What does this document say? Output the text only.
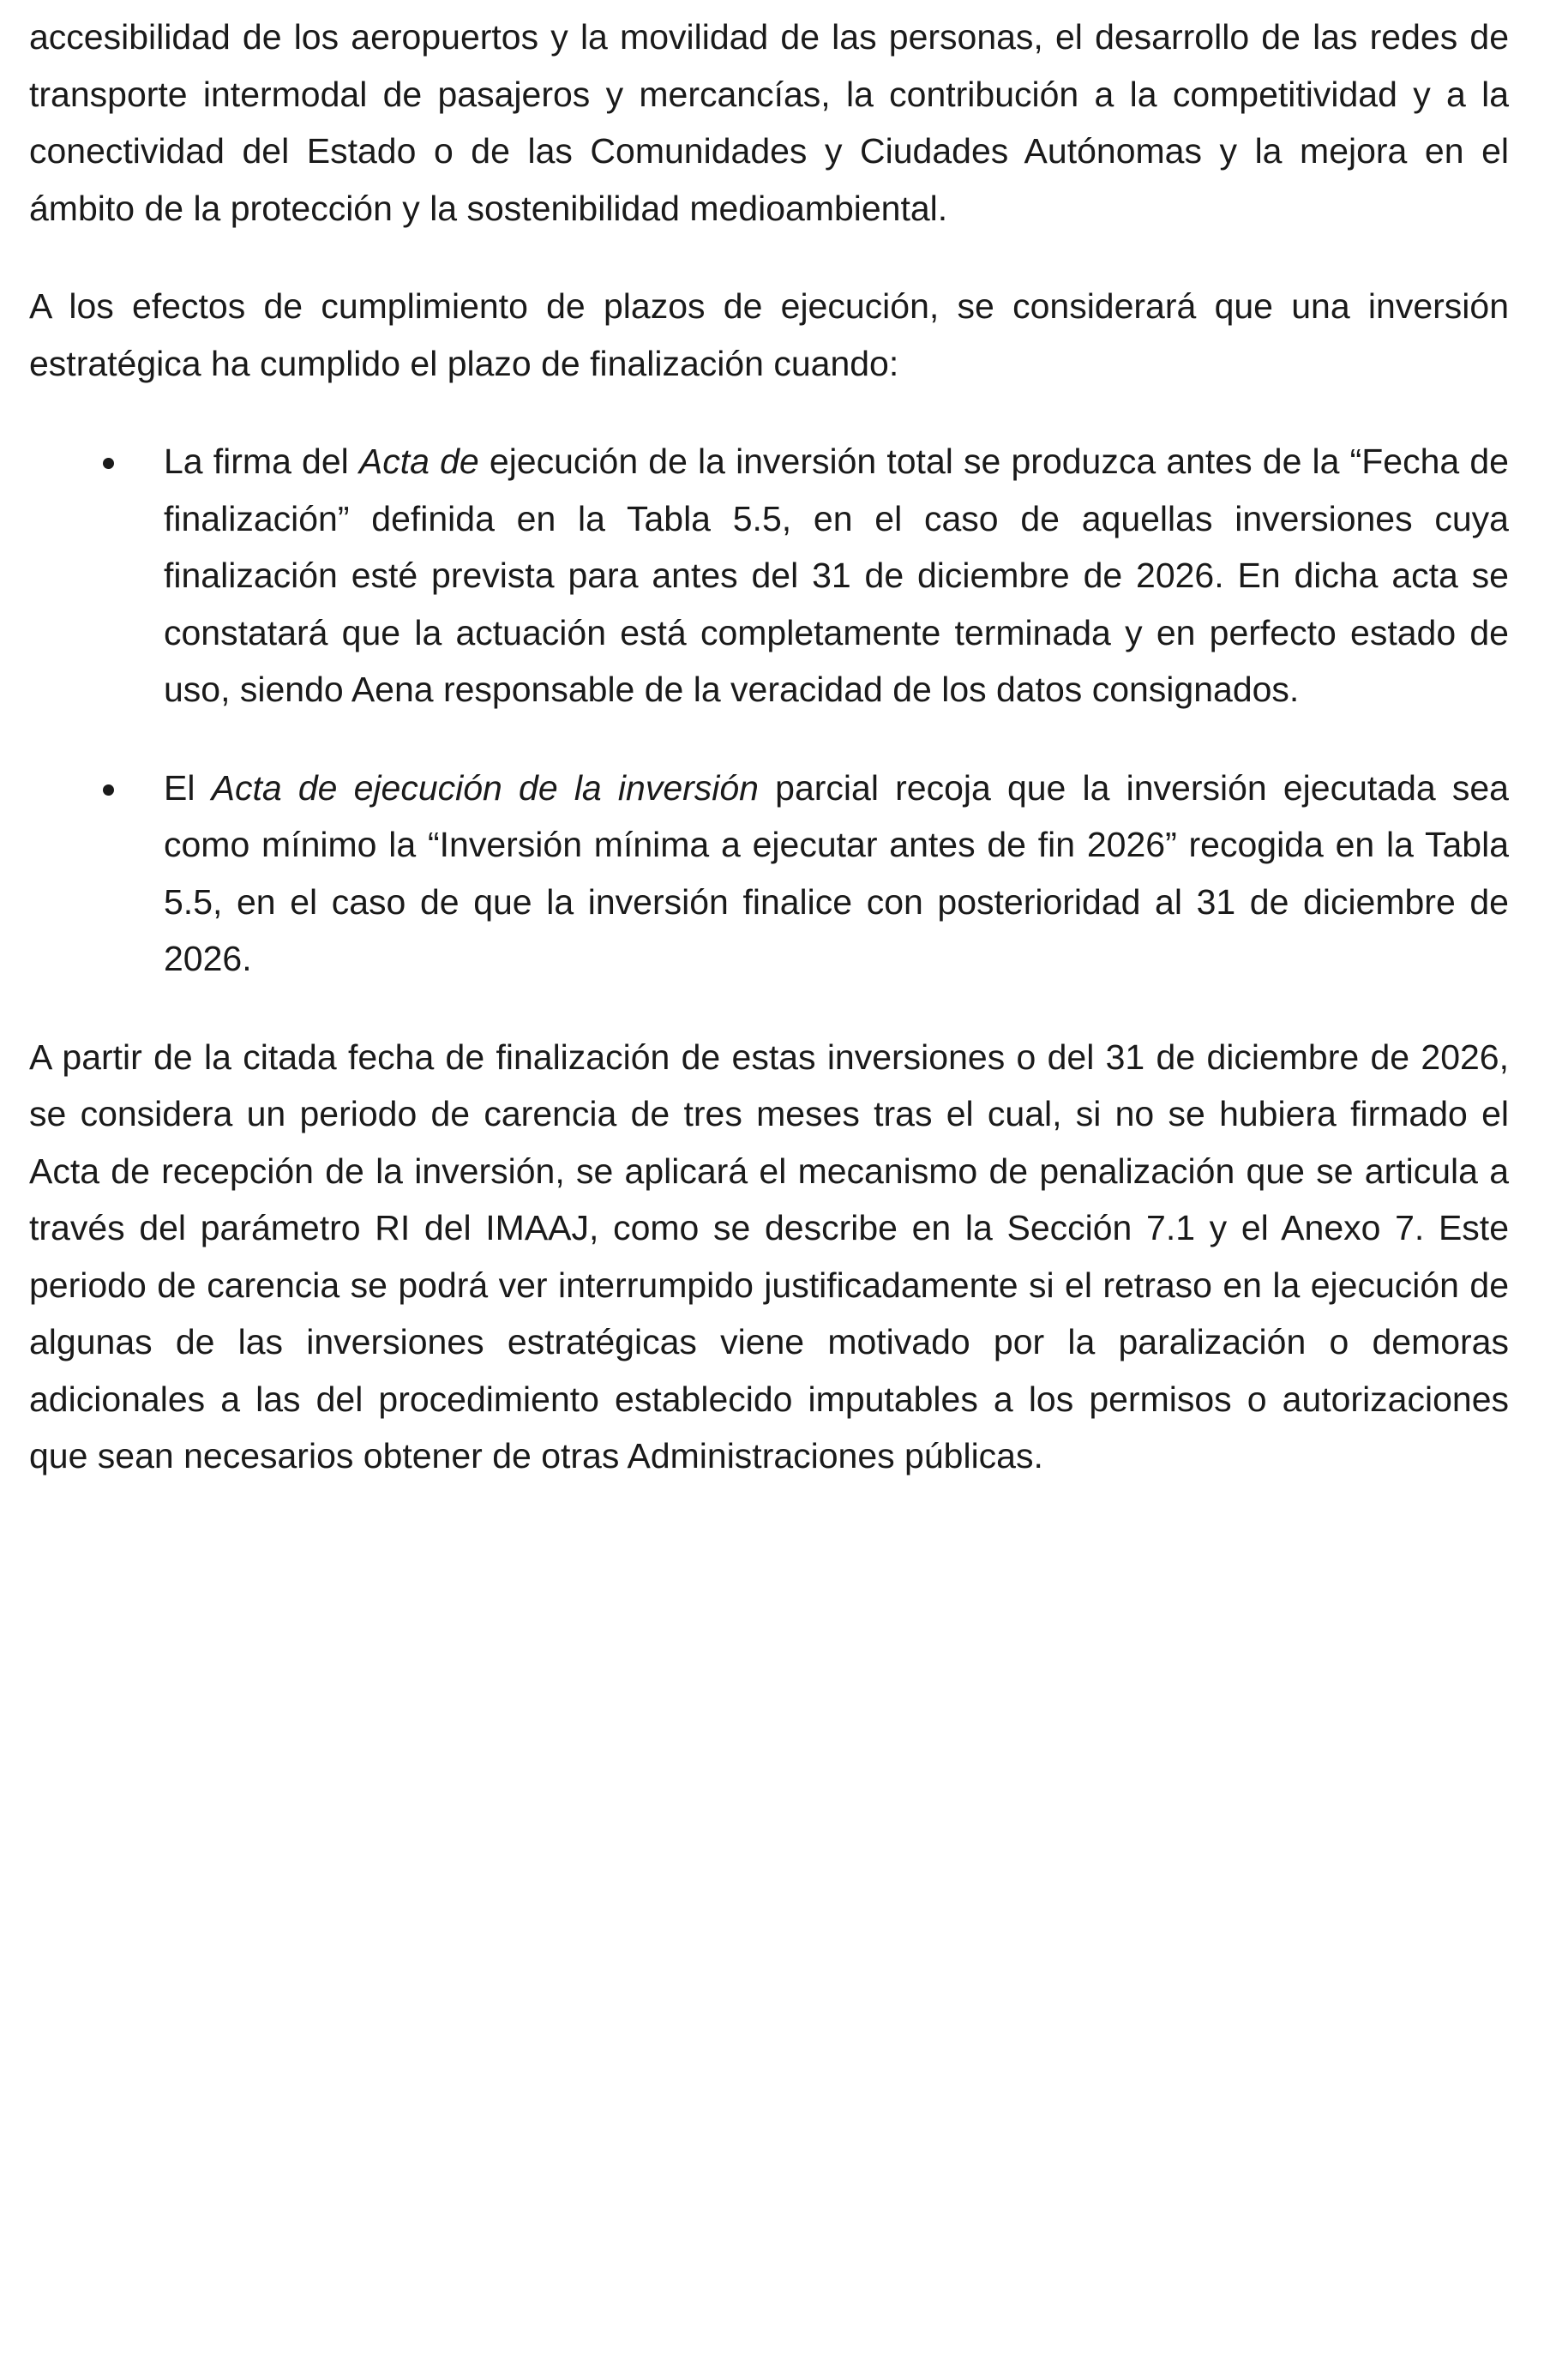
accesibilidad de los aeropuertos y la movilidad de las personas, el desarrollo de las redes de transporte intermodal de pasajeros y mercancías, la contribución a la competitividad y a la conectividad del Estado o de las Comunidades y Ciudades Autónomas y la mejora en el ámbito de la protección y la sostenibilidad medioambiental.

A los efectos de cumplimiento de plazos de ejecución, se considerará que una inversión estratégica ha cumplido el plazo de finalización cuando:

La firma del Acta de ejecución de la inversión total se produzca antes de la “Fecha de finalización” definida en la Tabla 5.5, en el caso de aquellas inversiones cuya finalización esté prevista para antes del 31 de diciembre de 2026. En dicha acta se constatará que la actuación está completamente terminada y en perfecto estado de uso, siendo Aena responsable de la veracidad de los datos consignados.
El Acta de ejecución de la inversión parcial recoja que la inversión ejecutada sea como mínimo la “Inversión mínima a ejecutar antes de fin 2026” recogida en la Tabla 5.5, en el caso de que la inversión finalice con posterioridad al 31 de diciembre de 2026.

A partir de la citada fecha de finalización de estas inversiones o del 31 de diciembre de 2026, se considera un periodo de carencia de tres meses tras el cual, si no se hubiera firmado el Acta de recepción de la inversión, se aplicará el mecanismo de penalización que se articula a través del parámetro RI del IMAAJ, como se describe en la Sección 7.1 y el Anexo 7. Este periodo de carencia se podrá ver interrumpido justificadamente si el retraso en la ejecución de algunas de las inversiones estratégicas viene motivado por la paralización o demoras adicionales a las del procedimiento establecido imputables a los permisos o autorizaciones que sean necesarios obtener de otras Administraciones públicas.
